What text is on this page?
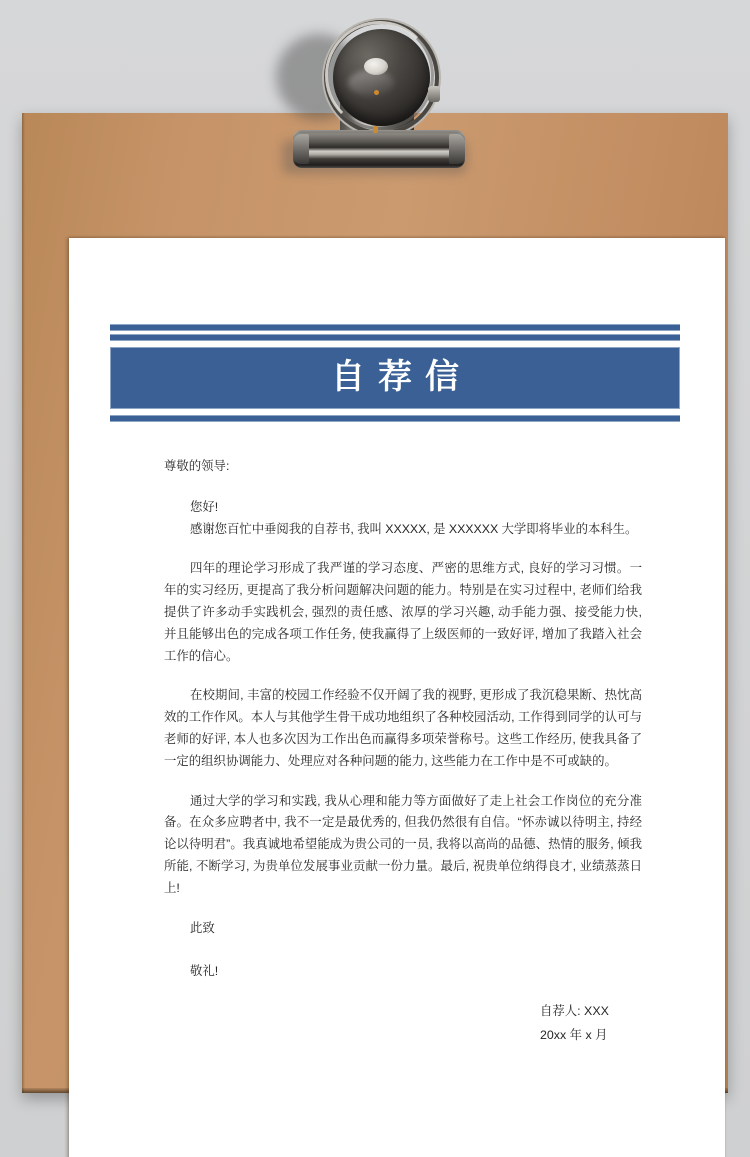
自荐信
尊敬的领导:
您好!
感谢您百忙中垂阅我的自荐书, 我叫 XXXXX, 是 XXXXXX 大学即将毕业的本科生。

四年的理论学习形成了我严谨的学习态度、严密的思维方式, 良好的学习习惯。一年的实习经历, 更提高了我分析问题解决问题的能力。特别是在实习过程中, 老师们给我提供了许多动手实践机会, 强烈的责任感、浓厚的学习兴趣, 动手能力强、接受能力快, 并且能够出色的完成各项工作任务, 使我赢得了上级医师的一致好评, 增加了我踏入社会工作的信心。

在校期间, 丰富的校园工作经验不仅开阔了我的视野, 更形成了我沉稳果断、热忱高效的工作作风。本人与其他学生骨干成功地组织了各种校园活动, 工作得到同学的认可与老师的好评, 本人也多次因为工作出色而赢得多项荣誉称号。这些工作经历, 使我具备了一定的组织协调能力、处理应对各种问题的能力, 这些能力在工作中是不可或缺的。

通过大学的学习和实践, 我从心理和能力等方面做好了走上社会工作岗位的充分准备。在众多应聘者中, 我不一定是最优秀的, 但我仍然很有自信。“怀赤诚以待明主, 持经论以待明君”。我真诚地希望能成为贵公司的一员, 我将以高尚的品德、热情的服务, 倾我所能, 不断学习, 为贵单位发展事业贡献一份力量。最后, 祝贵单位纳得良才, 业绩蒸蒸日上!

此致
敬礼!
自荐人: XXX
20xx 年 x 月
